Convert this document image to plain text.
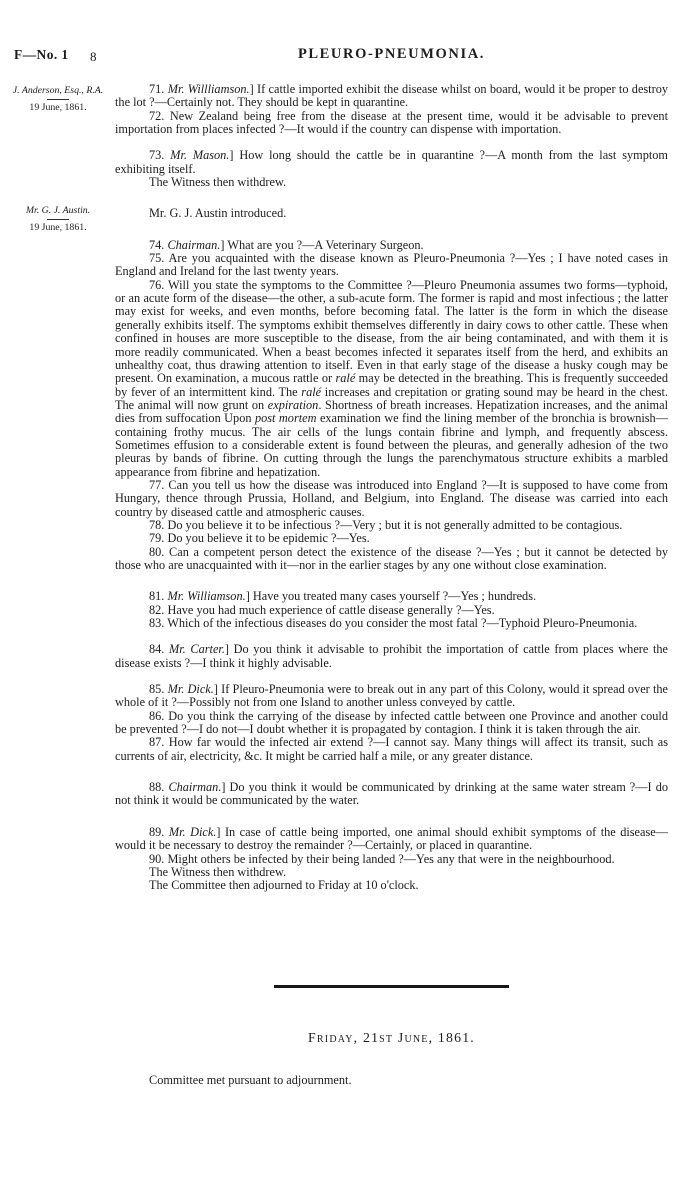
F—No. 1 8	PLEURO-PNEUMONIA.
J. Anderson, Esq., R.A.
19 June, 1861.
Mr. G. J. Austin.
19 June, 1861.

71. Mr. Willliamson.] If cattle imported exhibit the disease whilst on board, would it be proper to destroy the lot ?—Certainly not. They should be kept in quarantine.

72. New Zealand being free from the disease at the present time, would it be advisable to prevent importation from places infected ?—It would if the country can dispense with importation.

73. Mr. Mason.] How long should the cattle be in quarantine ?—A month from the last symptom exhibiting itself.

The Witness then withdrew.

Mr. G. J. Austin introduced.

74. Chairman.] What are you ?—A Veterinary Surgeon.

75. Are you acquainted with the disease known as Pleuro-Pneumonia ?—Yes ; I have noted cases in England and Ireland for the last twenty years.

76. Will you state the symptoms to the Committee ?—Pleuro Pneumonia assumes two forms—typhoid, or an acute form of the disease—the other, a sub-acute form. The former is rapid and most infectious ; the latter may exist for weeks, and even months, before becoming fatal. The latter is the form in which the disease generally exhibits itself. The symptoms exhibit themselves differently in dairy cows to other cattle. These when confined in houses are more susceptible to the disease, from the air being contaminated, and with them it is more readily communicated. When a beast becomes infected it separates itself from the herd, and exhibits an unhealthy coat, thus drawing attention to itself. Even in that early stage of the disease a husky cough may be present. On examination, a mucous rattle or ralé may be detected in the breathing. This is frequently succeeded by fever of an intermittent kind. The ralé increases and crepitation or grating sound may be heard in the chest. The animal will now grunt on expiration. Shortness of breath increases. Hepatization increases, and the animal dies from suffocation Upon post mortem examination we find the lining member of the bronchia is brownish—containing frothy mucus. The air cells of the lungs contain fibrine and lymph, and frequently abscess. Sometimes effusion to a considerable extent is found between the pleuras, and generally adhesion of the two pleuras by bands of fibrine. On cutting through the lungs the parenchymatous structure exhibits a marbled appearance from fibrine and hepatization.

77. Can you tell us how the disease was introduced into England ?—It is supposed to have come from Hungary, thence through Prussia, Holland, and Belgium, into England. The disease was carried into each country by diseased cattle and atmospheric causes.

78. Do you believe it to be infectious ?—Very ; but it is not generally admitted to be contagious.

79. Do you believe it to be epidemic ?—Yes.

80. Can a competent person detect the existence of the disease ?—Yes ; but it cannot be detected by those who are unacquainted with it—nor in the earlier stages by any one without close examination.

81. Mr. Williamson.] Have you treated many cases yourself ?—Yes ; hundreds.

82. Have you had much experience of cattle disease generally ?—Yes.

83. Which of the infectious diseases do you consider the most fatal ?—Typhoid Pleuro-Pneumonia.

84. Mr. Carter.] Do you think it advisable to prohibit the importation of cattle from places where the disease exists ?—I think it highly advisable.

85. Mr. Dick.] If Pleuro-Pneumonia were to break out in any part of this Colony, would it spread over the whole of it ?—Possibly not from one Island to another unless conveyed by cattle.

86. Do you think the carrying of the disease by infected cattle between one Province and another could be prevented ?—I do not—I doubt whether it is propagated by contagion. I think it is taken through the air.

87. How far would the infected air extend ?—I cannot say. Many things will affect its transit, such as currents of air, electricity, &c. It might be carried half a mile, or any greater distance.

88. Chairman.] Do you think it would be communicated by drinking at the same water stream ?—I do not think it would be communicated by the water.

89. Mr. Dick.] In case of cattle being imported, one animal should exhibit symptoms of the disease—would it be necessary to destroy the remainder ?—Certainly, or placed in quarantine.

90. Might others be infected by their being landed ?—Yes any that were in the neighbourhood.

The Witness then withdrew.

The Committee then adjourned to Friday at 10 o'clock.

Friday, 21st June, 1861.

Committee met pursuant to adjournment.
